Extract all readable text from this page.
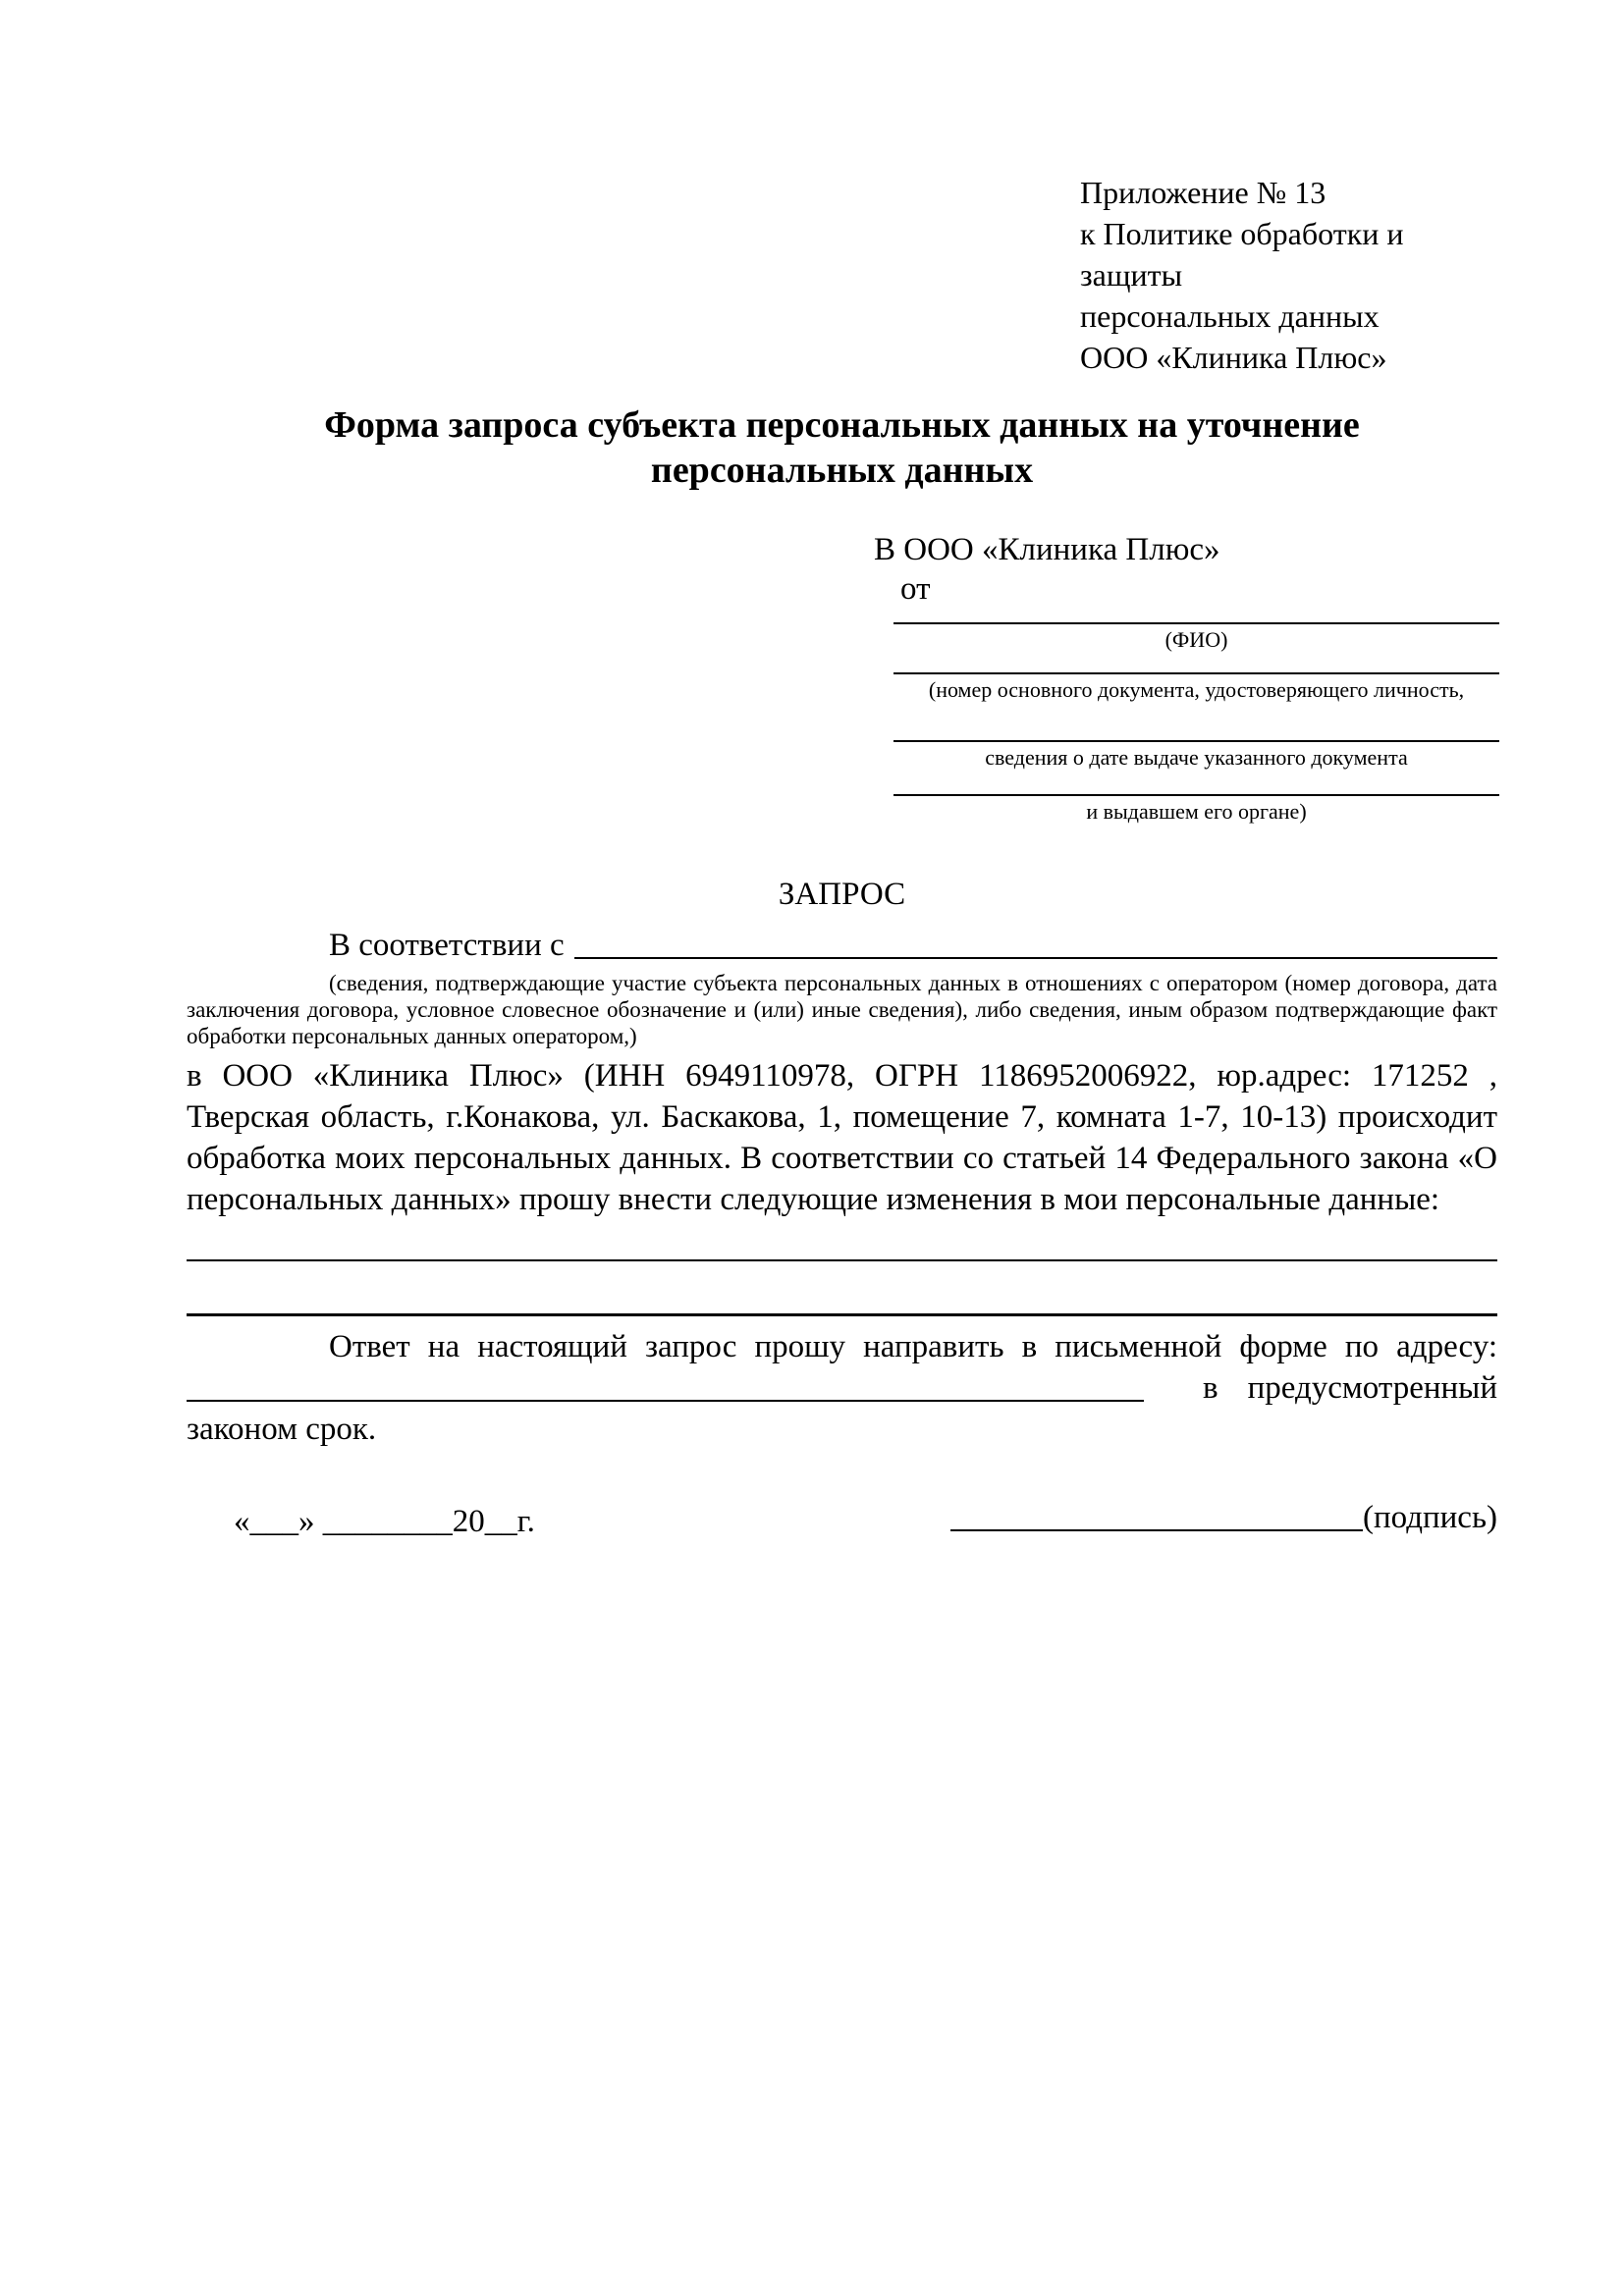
Приложение № 13
к Политике обработки и защиты
персональных данных
ООО «Клиника Плюс»
Форма запроса субъекта персональных данных на уточнение персональных данных
В ООО «Клиника Плюс»
от
(ФИО)
(номер основного документа, удостоверяющего личность,
сведения о дате выдаче указанного документа
и выдавшем его органе)
ЗАПРОС
В соответствии с

(сведения, подтверждающие участие субъекта персональных данных в отношениях с оператором (номер договора, дата заключения договора, условное словесное обозначение и (или) иные сведения), либо сведения, иным образом подтверждающие факт обработки персональных данных оператором,)

в ООО «Клиника Плюс» (ИНН 6949110978, ОГРН 1186952006922, юр.адрес: 171252 , Тверская область, г.Конакова, ул. Баскакова, 1, помещение 7, комната 1-7, 10-13) происходит обработка моих персональных данных. В соответствии со статьей 14 Федерального закона «О персональных данных» прошу внести следующие изменения в мои персональные данные:

Ответ на настоящий запрос прошу направить в письменной форме по адресу:

в предусмотренный

законом срок.

«___» ________20__г.	(подпись)
